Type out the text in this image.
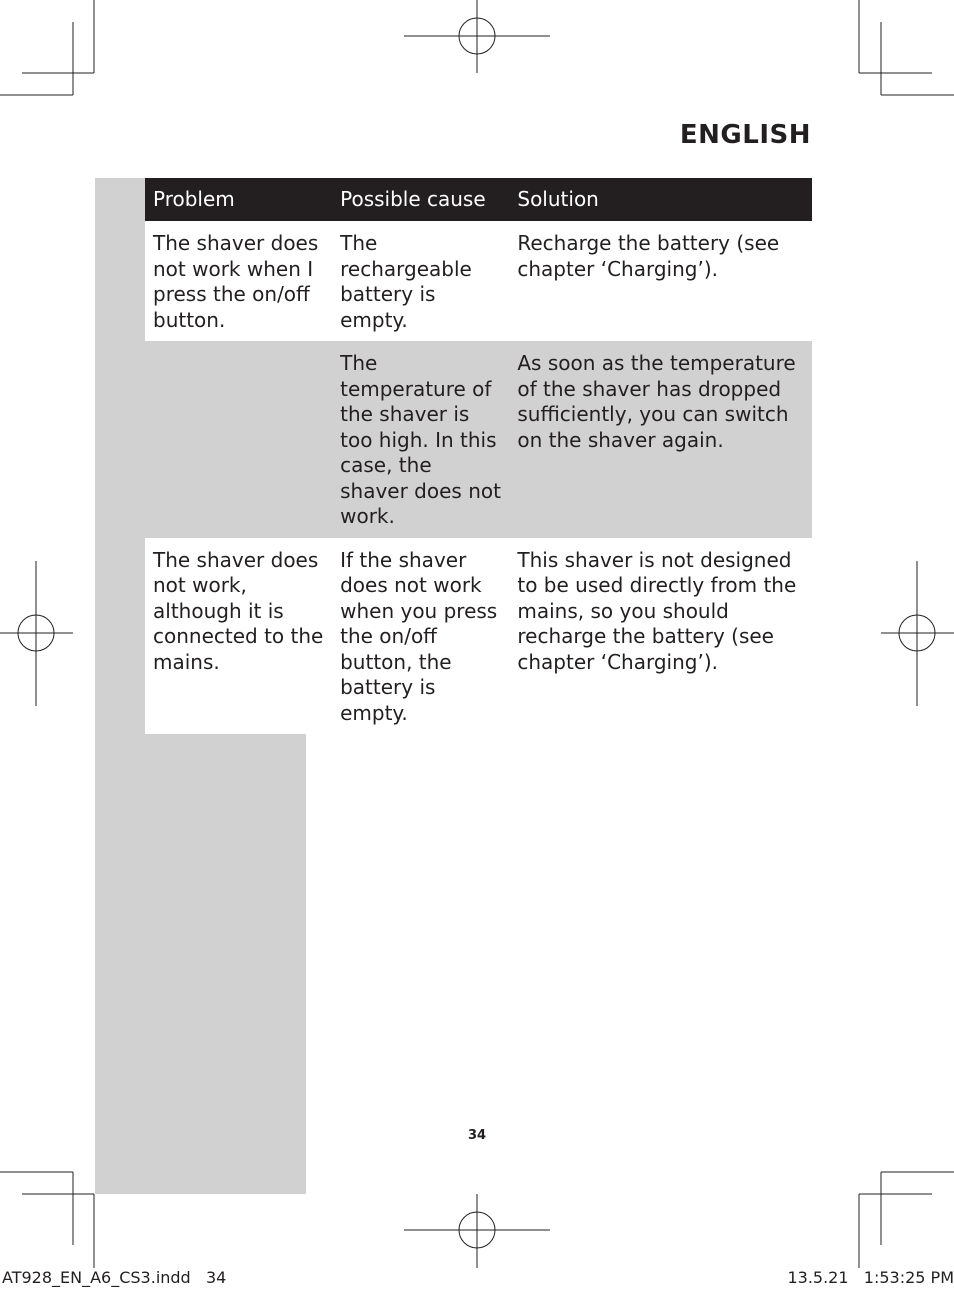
ENGLISH
Problem	Possible cause	Solution
The shaver does not work when I press the on/off button.	The rechargeable battery is empty.	Recharge the battery (see chapter ‘Charging’).
	The temperature of the shaver is too high. In this case, the shaver does not work.	As soon as the temperature of the shaver has dropped sufficiently, you can switch on the shaver again.
The shaver does not work, although it is connected to the mains.	If the shaver does not work when you press the on/off button, the battery is empty.	This shaver is not designed to be used directly from the mains, so you should recharge the battery (see chapter ‘Charging’).
34
AT928_EN_A6_CS3.indd   34	13.5.21   1:53:25 PM
